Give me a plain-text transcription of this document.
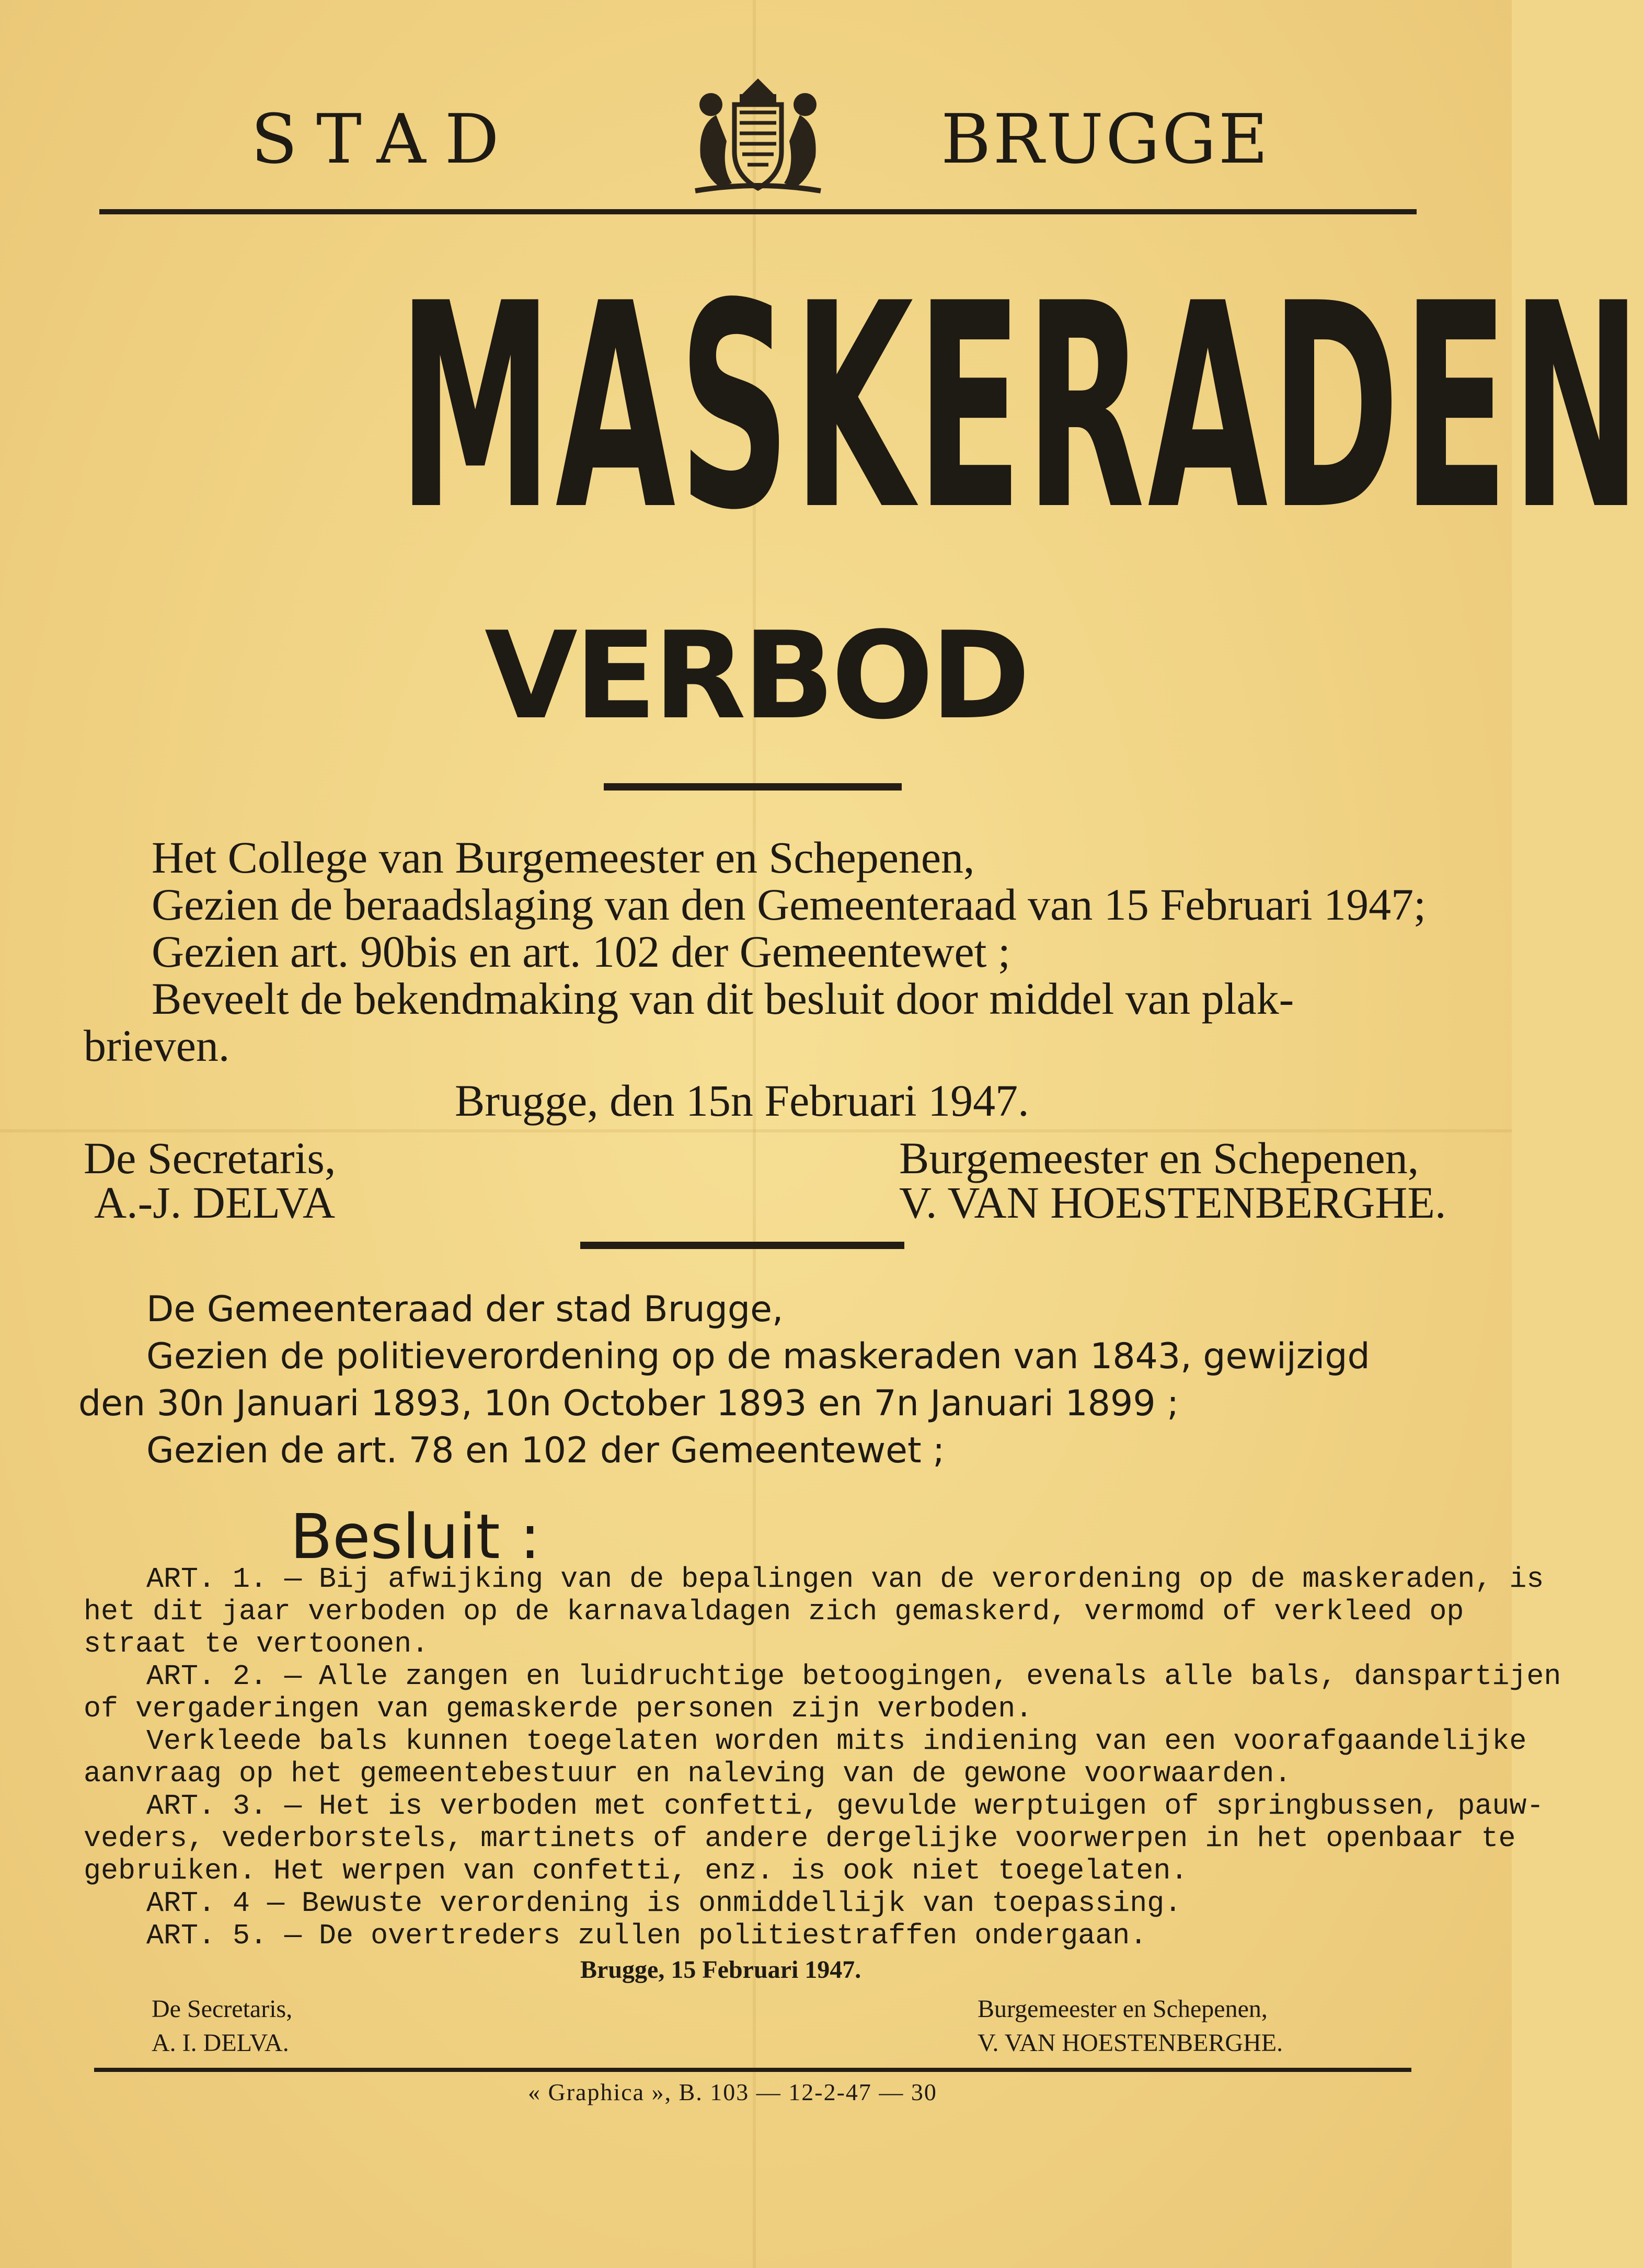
STAD	BRUGGE
MASKERADEN
VERBOD
Het College van Burgemeester en Schepenen,
Gezien de beraadslaging van den Gemeenteraad van 15 Februari 1947;
Gezien art. 90bis en art. 102 der Gemeentewet ;
Beveelt de bekendmaking van dit besluit door middel van plak-
brieven.
Brugge, den 15n Februari 1947.
De Secretaris,	Burgemeester en Schepenen,
A.-J. DELVA	V. VAN HOESTENBERGHE.
De Gemeenteraad der stad Brugge,
Gezien de politieverordening op de maskeraden van 1843, gewijzigd
den 30n Januari 1893, 10n October 1893 en 7n Januari 1899 ;
Gezien de art. 78 en 102 der Gemeentewet ;
Besluit :
ART. 1. — Bij afwijking van de bepalingen van de verordening op de maskeraden, is
het dit jaar verboden op de karnavaldagen zich gemaskerd, vermomd of verkleed op
straat te vertoonen.
ART. 2. — Alle zangen en luidruchtige betoogingen, evenals alle bals, danspartijen
of vergaderingen van gemaskerde personen zijn verboden.
Verkleede bals kunnen toegelaten worden mits indiening van een voorafgaandelijke
aanvraag op het gemeentebestuur en naleving van de gewone voorwaarden.
ART. 3. — Het is verboden met confetti, gevulde werptuigen of springbussen, pauw-
veders, vederborstels, martinets of andere dergelijke voorwerpen in het openbaar te
gebruiken. Het werpen van confetti, enz. is ook niet toegelaten.
ART. 4 — Bewuste verordening is onmiddellijk van toepassing.
ART. 5. — De overtreders zullen politiestraffen ondergaan.
Brugge, 15 Februari 1947.
De Secretaris,	Burgemeester en Schepenen,
A. I. DELVA.	V. VAN HOESTENBERGHE.
« Graphica », B. 103 — 12-2-47 — 30
